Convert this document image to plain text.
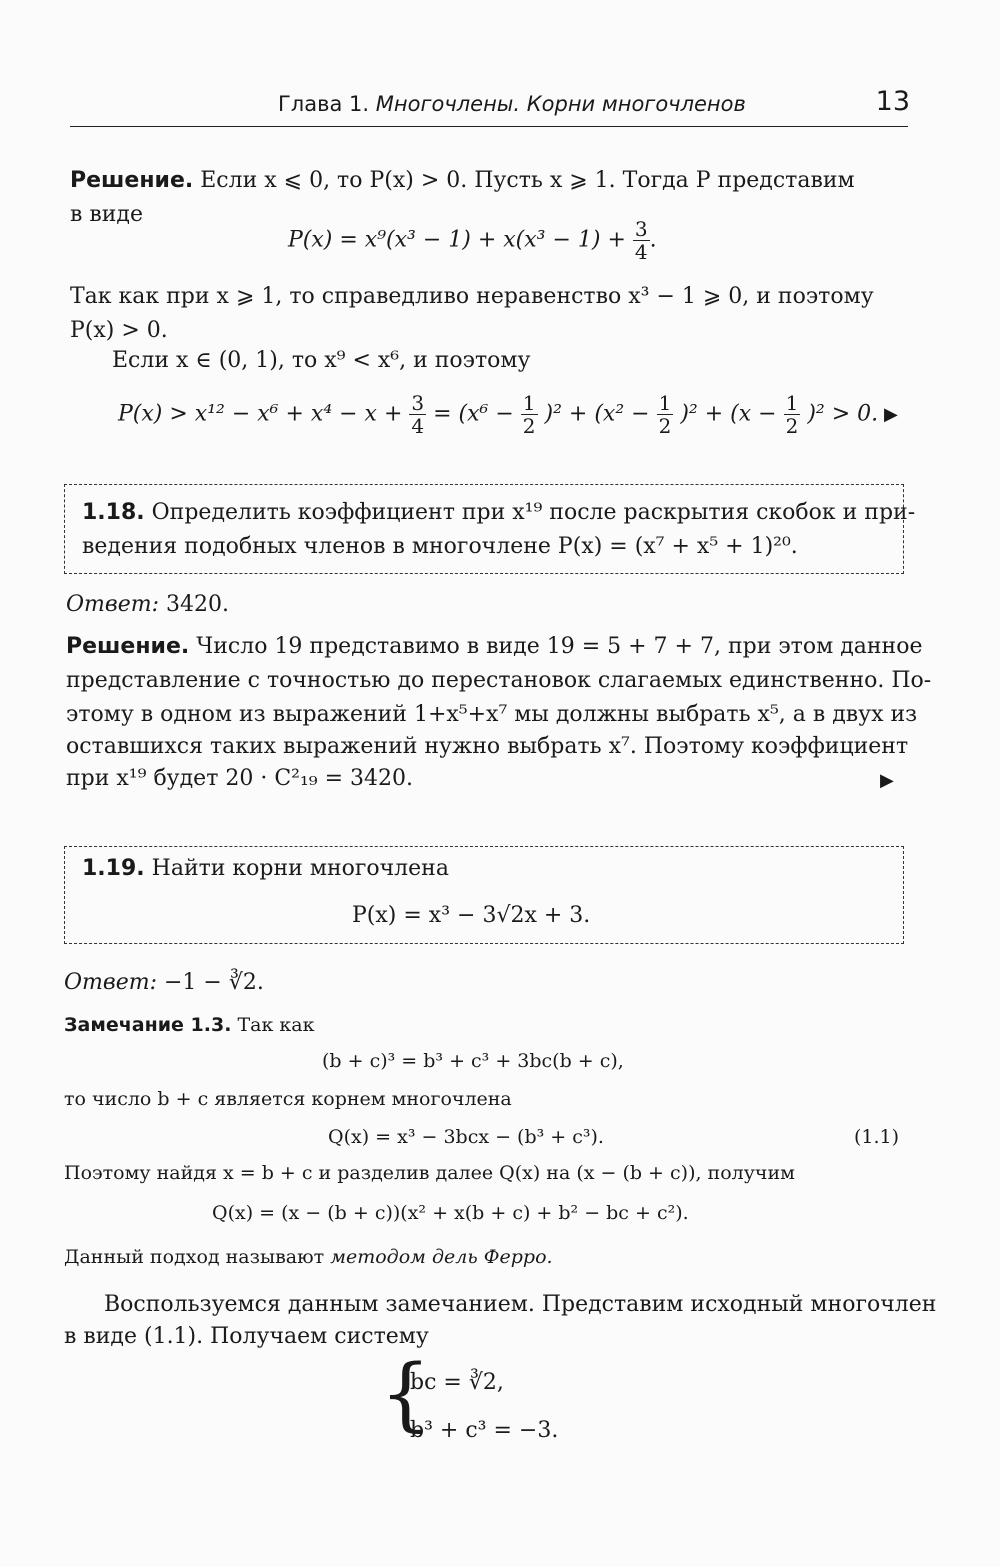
Глава 1. Многочлены. Корни многочленов	13
Решение. Если x ⩽ 0, то P(x) > 0. Пусть x ⩾ 1. Тогда P представим
в виде
$P(x) = x^9(x^3 - 1) + x(x^3 - 1) + \frac{3}{4}$ .
Так как при x ⩾ 1, то справедливо неравенство x³ − 1 ⩾ 0, и поэтому
P(x) > 0.
Если x ∈ (0, 1), то x⁹ < x⁶, и поэтому
$P(x) > x^{12} - x^6 + x^4 - x + \frac{3}{4} = (x^6 - \frac{1}{2} )^2 + (x^2 - \frac{1}{2} )^2 + (x - \frac{1}{2} )^2 > 0$. ▶
1.18. Определить коэффициент при x¹⁹ после раскрытия скобок и при-
ведения подобных членов в многочлене P(x) = (x⁷ + x⁵ + 1)²⁰.
Ответ: 3420.
Решение. Число 19 представимо в виде 19 = 5 + 7 + 7, при этом данное
представление с точностью до перестановок слагаемых единственно. По-
этому в одном из выражений 1+x⁵+x⁷ мы должны выбрать x⁵, а в двух из
оставшихся таких выражений нужно выбрать x⁷. Поэтому коэффициент
при x¹⁹ будет 20 · C²₁₉ = 3420.	▶
1.19. Найти корни многочлена
P(x) = x³ − 3√2x + 3.
Ответ: −1 − ∛2.
Замечание 1.3. Так как
(b + c)³ = b³ + c³ + 3bc(b + c),
то число b + c является корнем многочлена
Q(x) = x³ − 3bcx − (b³ + c³).	(1.1)
Поэтому найдя x = b + c и разделив далее Q(x) на (x − (b + c)), получим
Q(x) = (x − (b + c))(x² + x(b + c) + b² − bc + c²).
Данный подход называют методом дель Ферро.
Воспользуемся данным замечанием. Представим исходный многочлен
в виде (1.1). Получаем систему
{
bc = ∛2,
b³ + c³ = −3.
